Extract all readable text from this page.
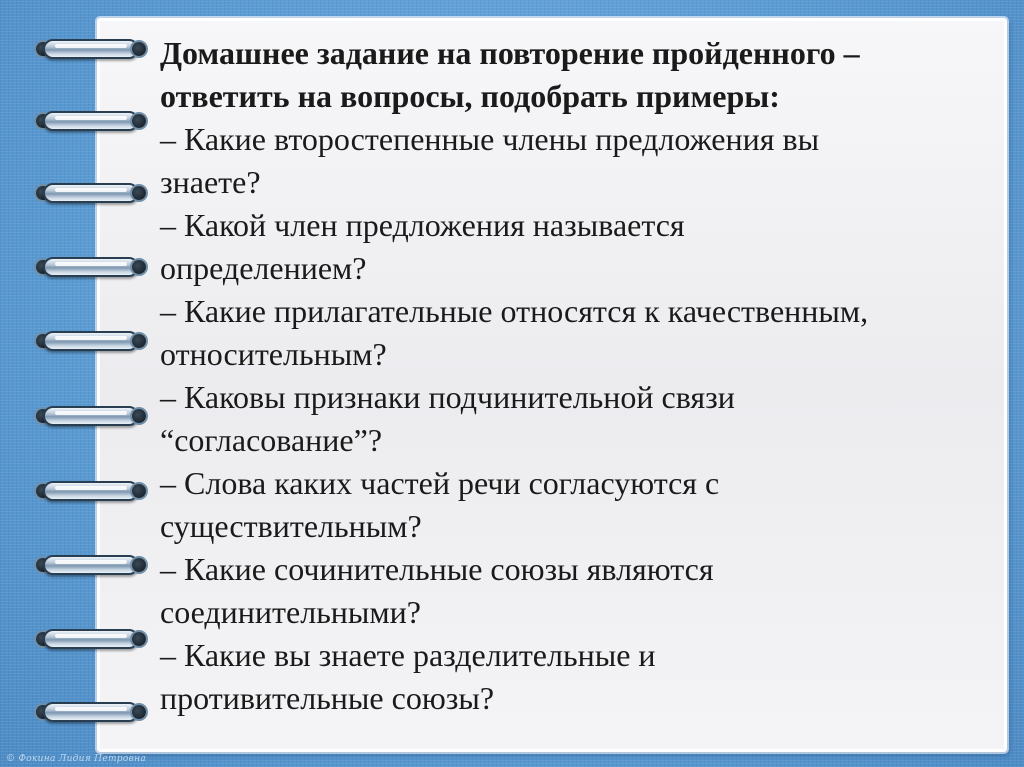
Домашнее задание на повторение пройденного –

ответить на вопросы, подобрать примеры:

– Какие второстепенные члены предложения вы

знаете?

– Какой член предложения называется

определением?

– Какие прилагательные относятся к качественным,

относительным?

– Каковы признаки подчинительной связи

“согласование”?

– Слова каких частей речи согласуются с

существительным?

– Какие сочинительные союзы являются

соединительными?

– Какие вы знаете разделительные и

противительные союзы?

© Фокина Лидия Петровна
